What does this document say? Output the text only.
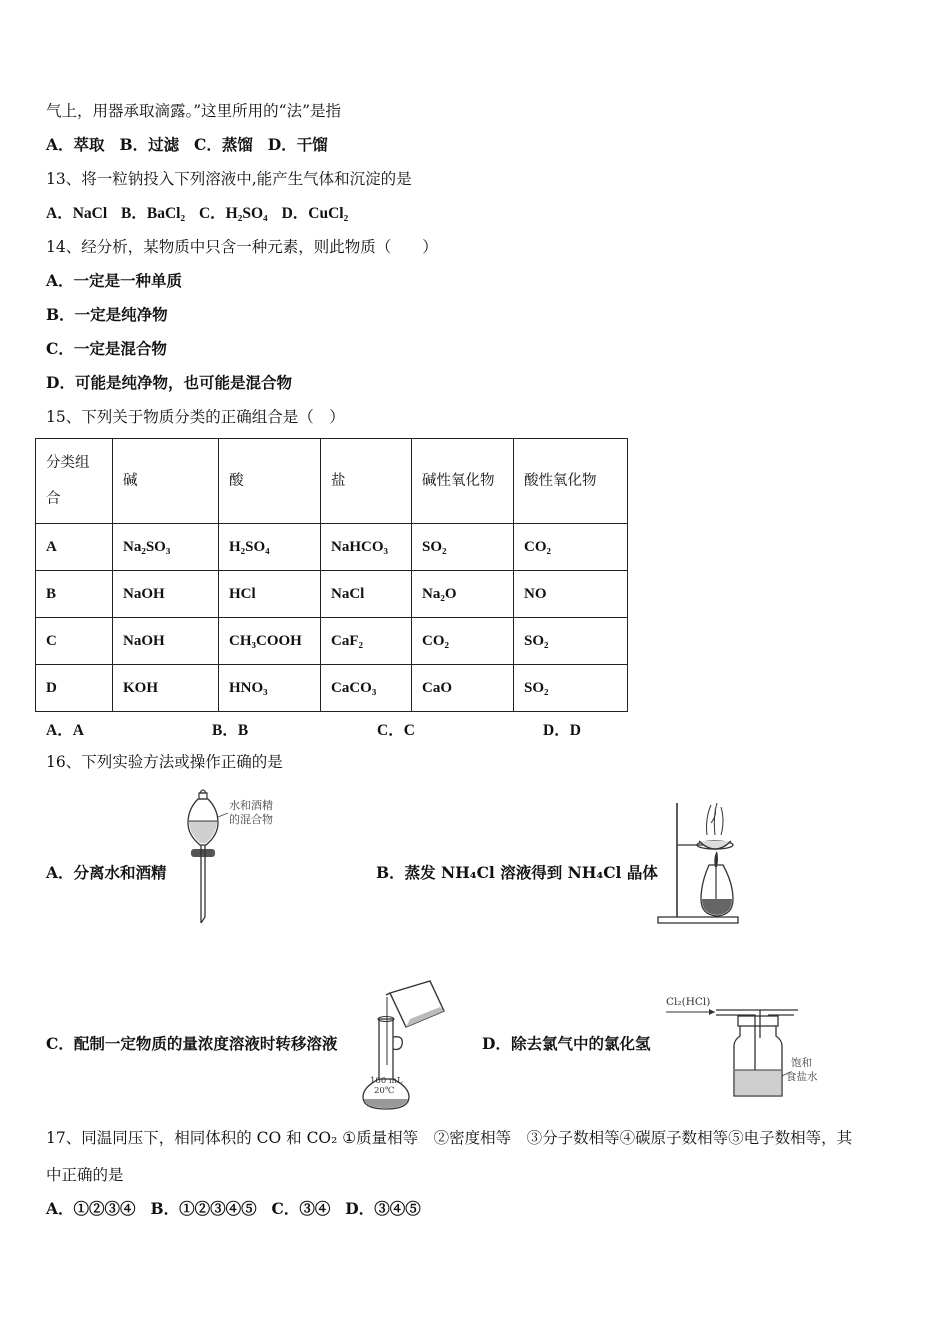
气上，用器承取滴露。”这里所用的“法”是指
A．萃取 B．过滤 C．蒸馏 D．干馏
13、将一粒钠投入下列溶液中,能产生气体和沉淀的是
A．NaCl B．BaCl₂ C．H₂SO₄ D．CuCl₂
14、经分析，某物质中只含一种元素，则此物质（　　）
A．一定是一种单质
B．一定是纯净物
C．一定是混合物
D．可能是纯净物，也可能是混合物
15、下列关于物质分类的正确组合是（　）
分类组合	碱	酸	盐	碱性氧化物	酸性氧化物
A	Na₂SO₃	H₂SO₄	NaHCO₃	SO₂	CO₂
B	NaOH	HCl	NaCl	Na₂O	NO
C	NaOH	CH₃COOH	CaF₂	CO₂	SO₂
D	KOH	HNO₃	CaCO₃	CaO	SO₂
A．A	B．B	C．C	D．D
16、下列实验方法或操作正确的是
A．分离水和酒精
水和酒精
的混合物
B．蒸发 NH₄Cl 溶液得到 NH₄Cl 晶体
C．配制一定物质的量浓度溶液时转移溶液
100 mL
20℃
D．除去氯气中的氯化氢
Cl₂(HCl)
饱和
食盐水
17、同温同压下，相同体积的 CO 和 CO₂ ①质量相等　②密度相等　③分子数相等④碳原子数相等⑤电子数相等，其
中正确的是
A．①②③④ B．①②③④⑤ C．③④ D．③④⑤
